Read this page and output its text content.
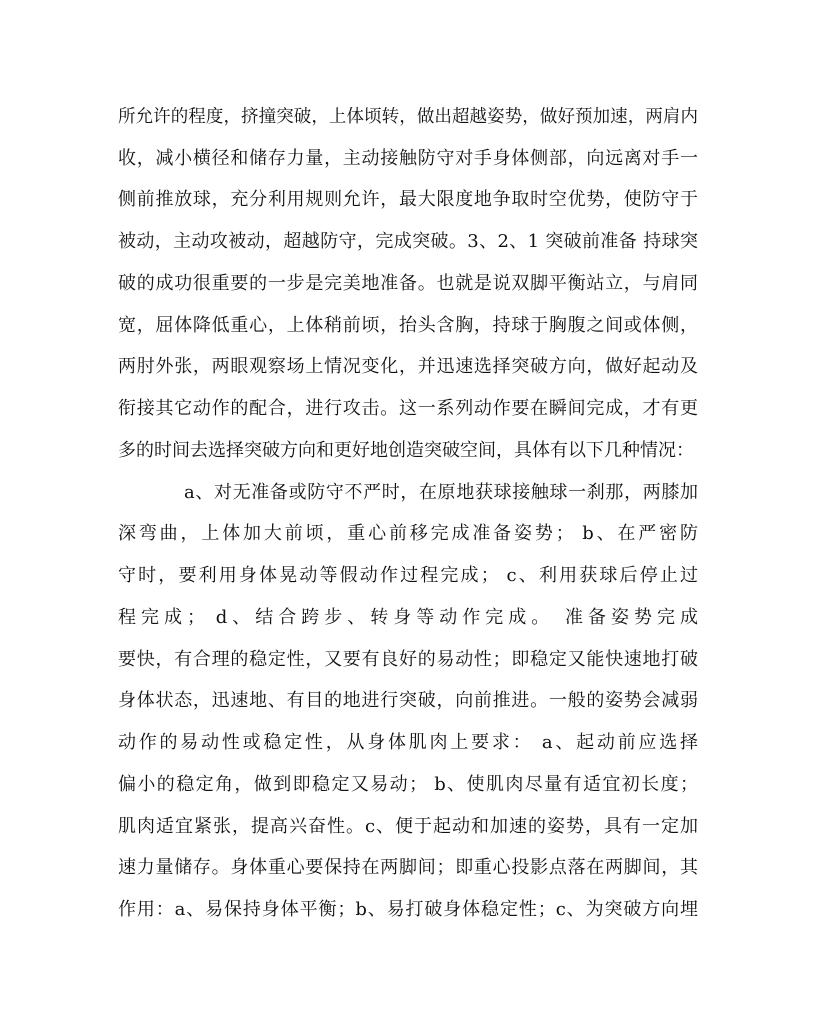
所允许的程度，挤撞突破，上体顷转，做出超越姿势，做好预加速，两肩内
收，减小横径和储存力量，主动接触防守对手身体侧部，向远离对手一
侧前推放球，充分利用规则允许，最大限度地争取时空优势，使防守于
被动，主动攻被动，超越防守，完成突破。3、2、1 突破前准备 持球突
破的成功很重要的一步是完美地准备。也就是说双脚平衡站立，与肩同
宽，屈体降低重心，上体稍前顷，抬头含胸，持球于胸腹之间或体侧，
两肘外张，两眼观察场上情况变化，并迅速选择突破方向，做好起动及
衔接其它动作的配合，进行攻击。这一系列动作要在瞬间完成，才有更
多的时间去选择突破方向和更好地创造突破空间，具体有以下几种情况：
a、对无准备或防守不严时，在原地获球接触球一刹那，两膝加
深弯曲，上体加大前顷，重心前移完成准备姿势； b、在严密防
守时，要利用身体晃动等假动作过程完成； c、利用获球后停止过
程完成； d、结合跨步、转身等动作完成。 准备姿势完成
要快，有合理的稳定性，又要有良好的易动性；即稳定又能快速地打破
身体状态，迅速地、有目的地进行突破，向前推进。一般的姿势会减弱
动作的易动性或稳定性，从身体肌肉上要求： a、起动前应选择
偏小的稳定角，做到即稳定又易动； b、使肌肉尽量有适宜初长度；
肌肉适宜紧张，提高兴奋性。c、便于起动和加速的姿势，具有一定加
速力量储存。身体重心要保持在两脚间；即重心投影点落在两脚间，其
作用：a、易保持身体平衡；b、易打破身体稳定性；c、为突破方向埋
